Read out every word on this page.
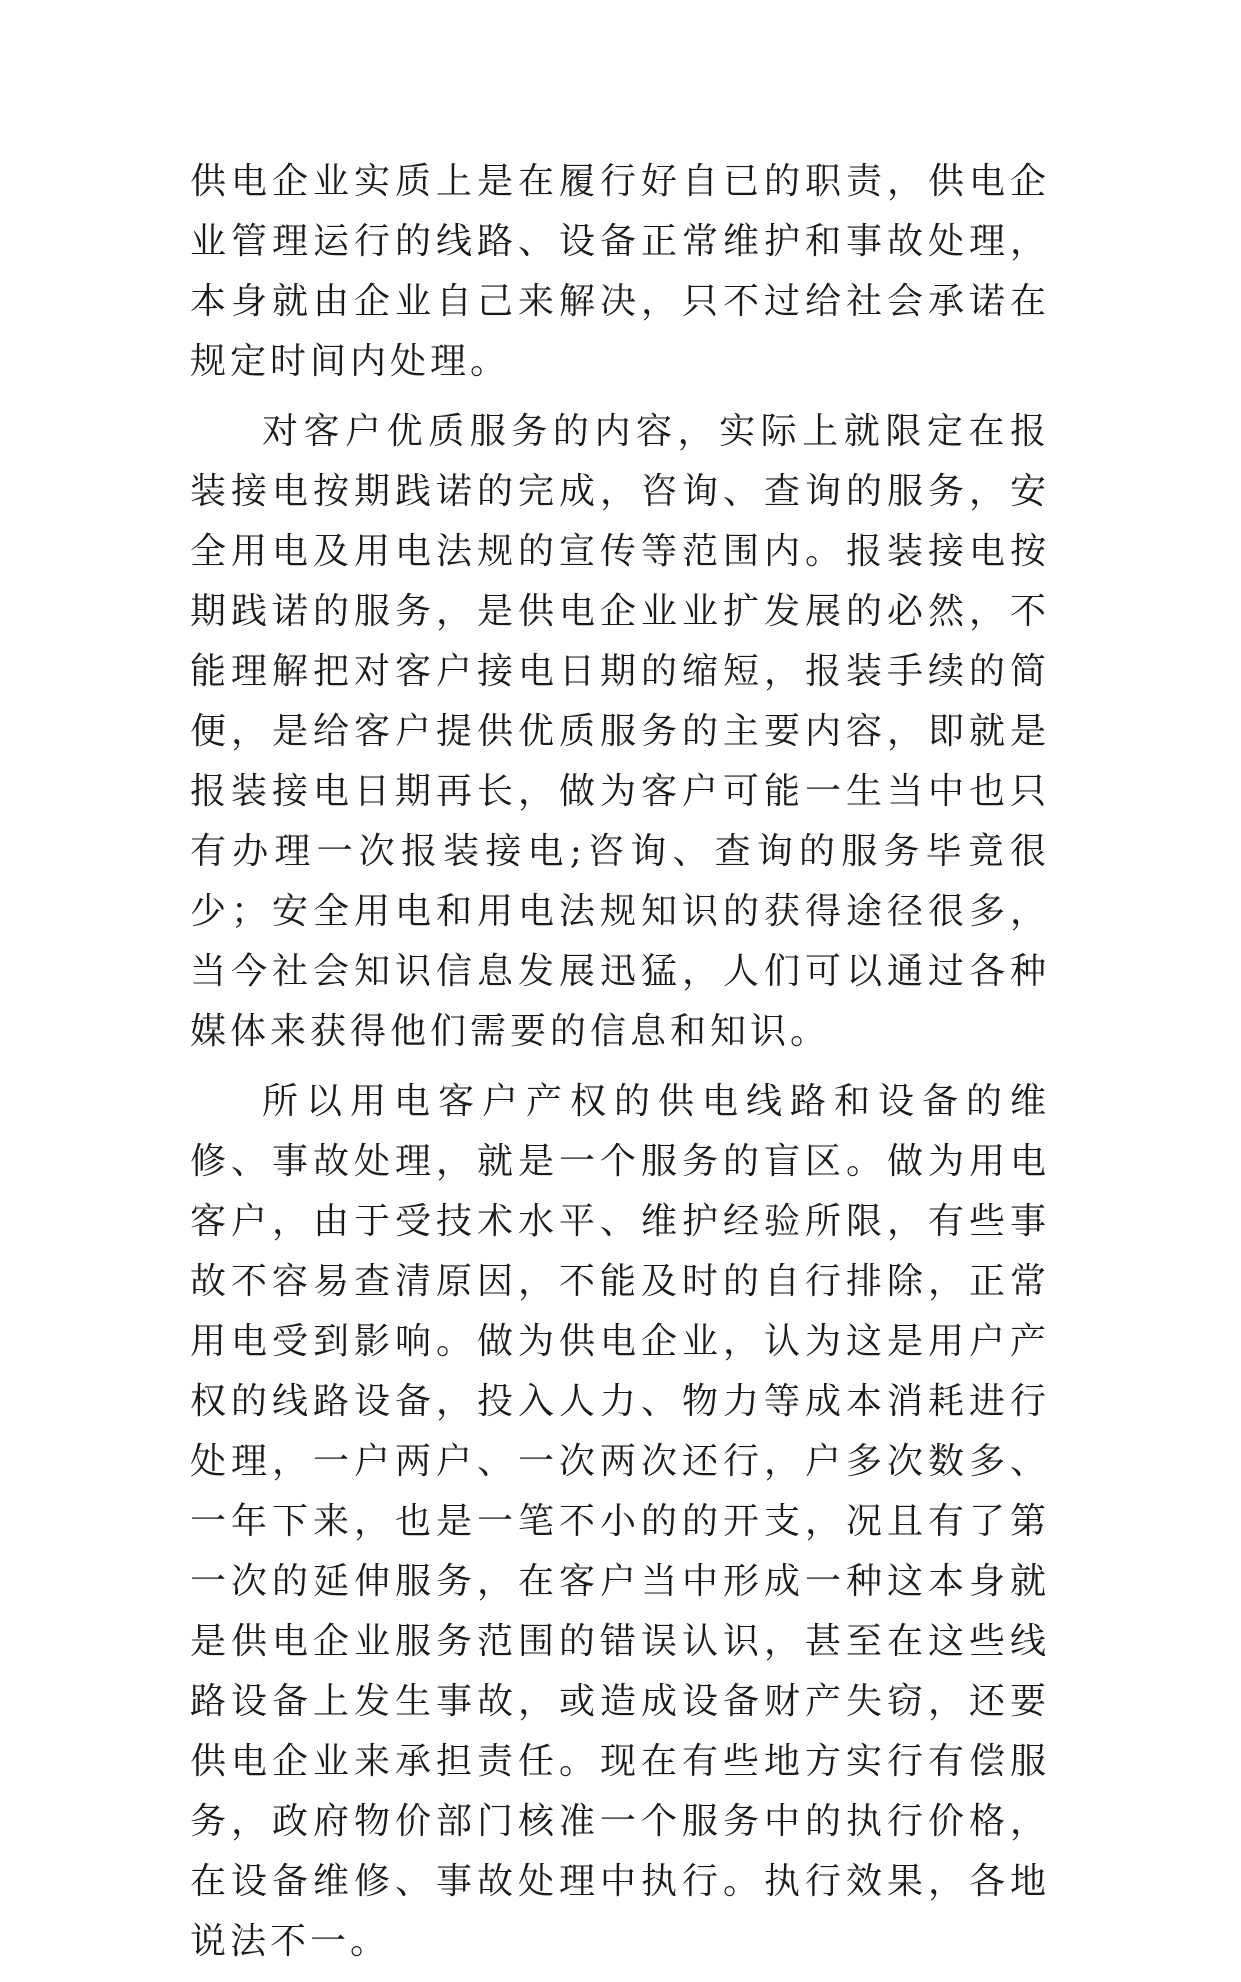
供电企业实质上是在履行好自已的职责，供电企业管理运行的线路、设备正常维护和事故处理，本身就由企业自己来解决，只不过给社会承诺在规定时间内处理。

对客户优质服务的内容，实际上就限定在报装接电按期践诺的完成，咨询、查询的服务，安全用电及用电法规的宣传等范围内。报装接电按期践诺的服务，是供电企业业扩发展的必然，不能理解把对客户接电日期的缩短，报装手续的简便，是给客户提供优质服务的主要内容，即就是报装接电日期再长，做为客户可能一生当中也只有办理一次报装接电;咨询、查询的服务毕竟很少；安全用电和用电法规知识的获得途径很多，当今社会知识信息发展迅猛，人们可以通过各种媒体来获得他们需要的信息和知识。

所以用电客户产权的供电线路和设备的维修、事故处理，就是一个服务的盲区。做为用电客户，由于受技术水平、维护经验所限，有些事故不容易查清原因，不能及时的自行排除，正常用电受到影响。做为供电企业，认为这是用户产权的线路设备，投入人力、物力等成本消耗进行处理，一户两户、一次两次还行，户多次数多、一年下来，也是一笔不小的的开支，况且有了第一次的延伸服务，在客户当中形成一种这本身就是供电企业服务范围的错误认识，甚至在这些线路设备上发生事故，或造成设备财产失窃，还要供电企业来承担责任。现在有些地方实行有偿服务，政府物价部门核准一个服务中的执行价格，在设备维修、事故处理中执行。执行效果，各地说法不一。
